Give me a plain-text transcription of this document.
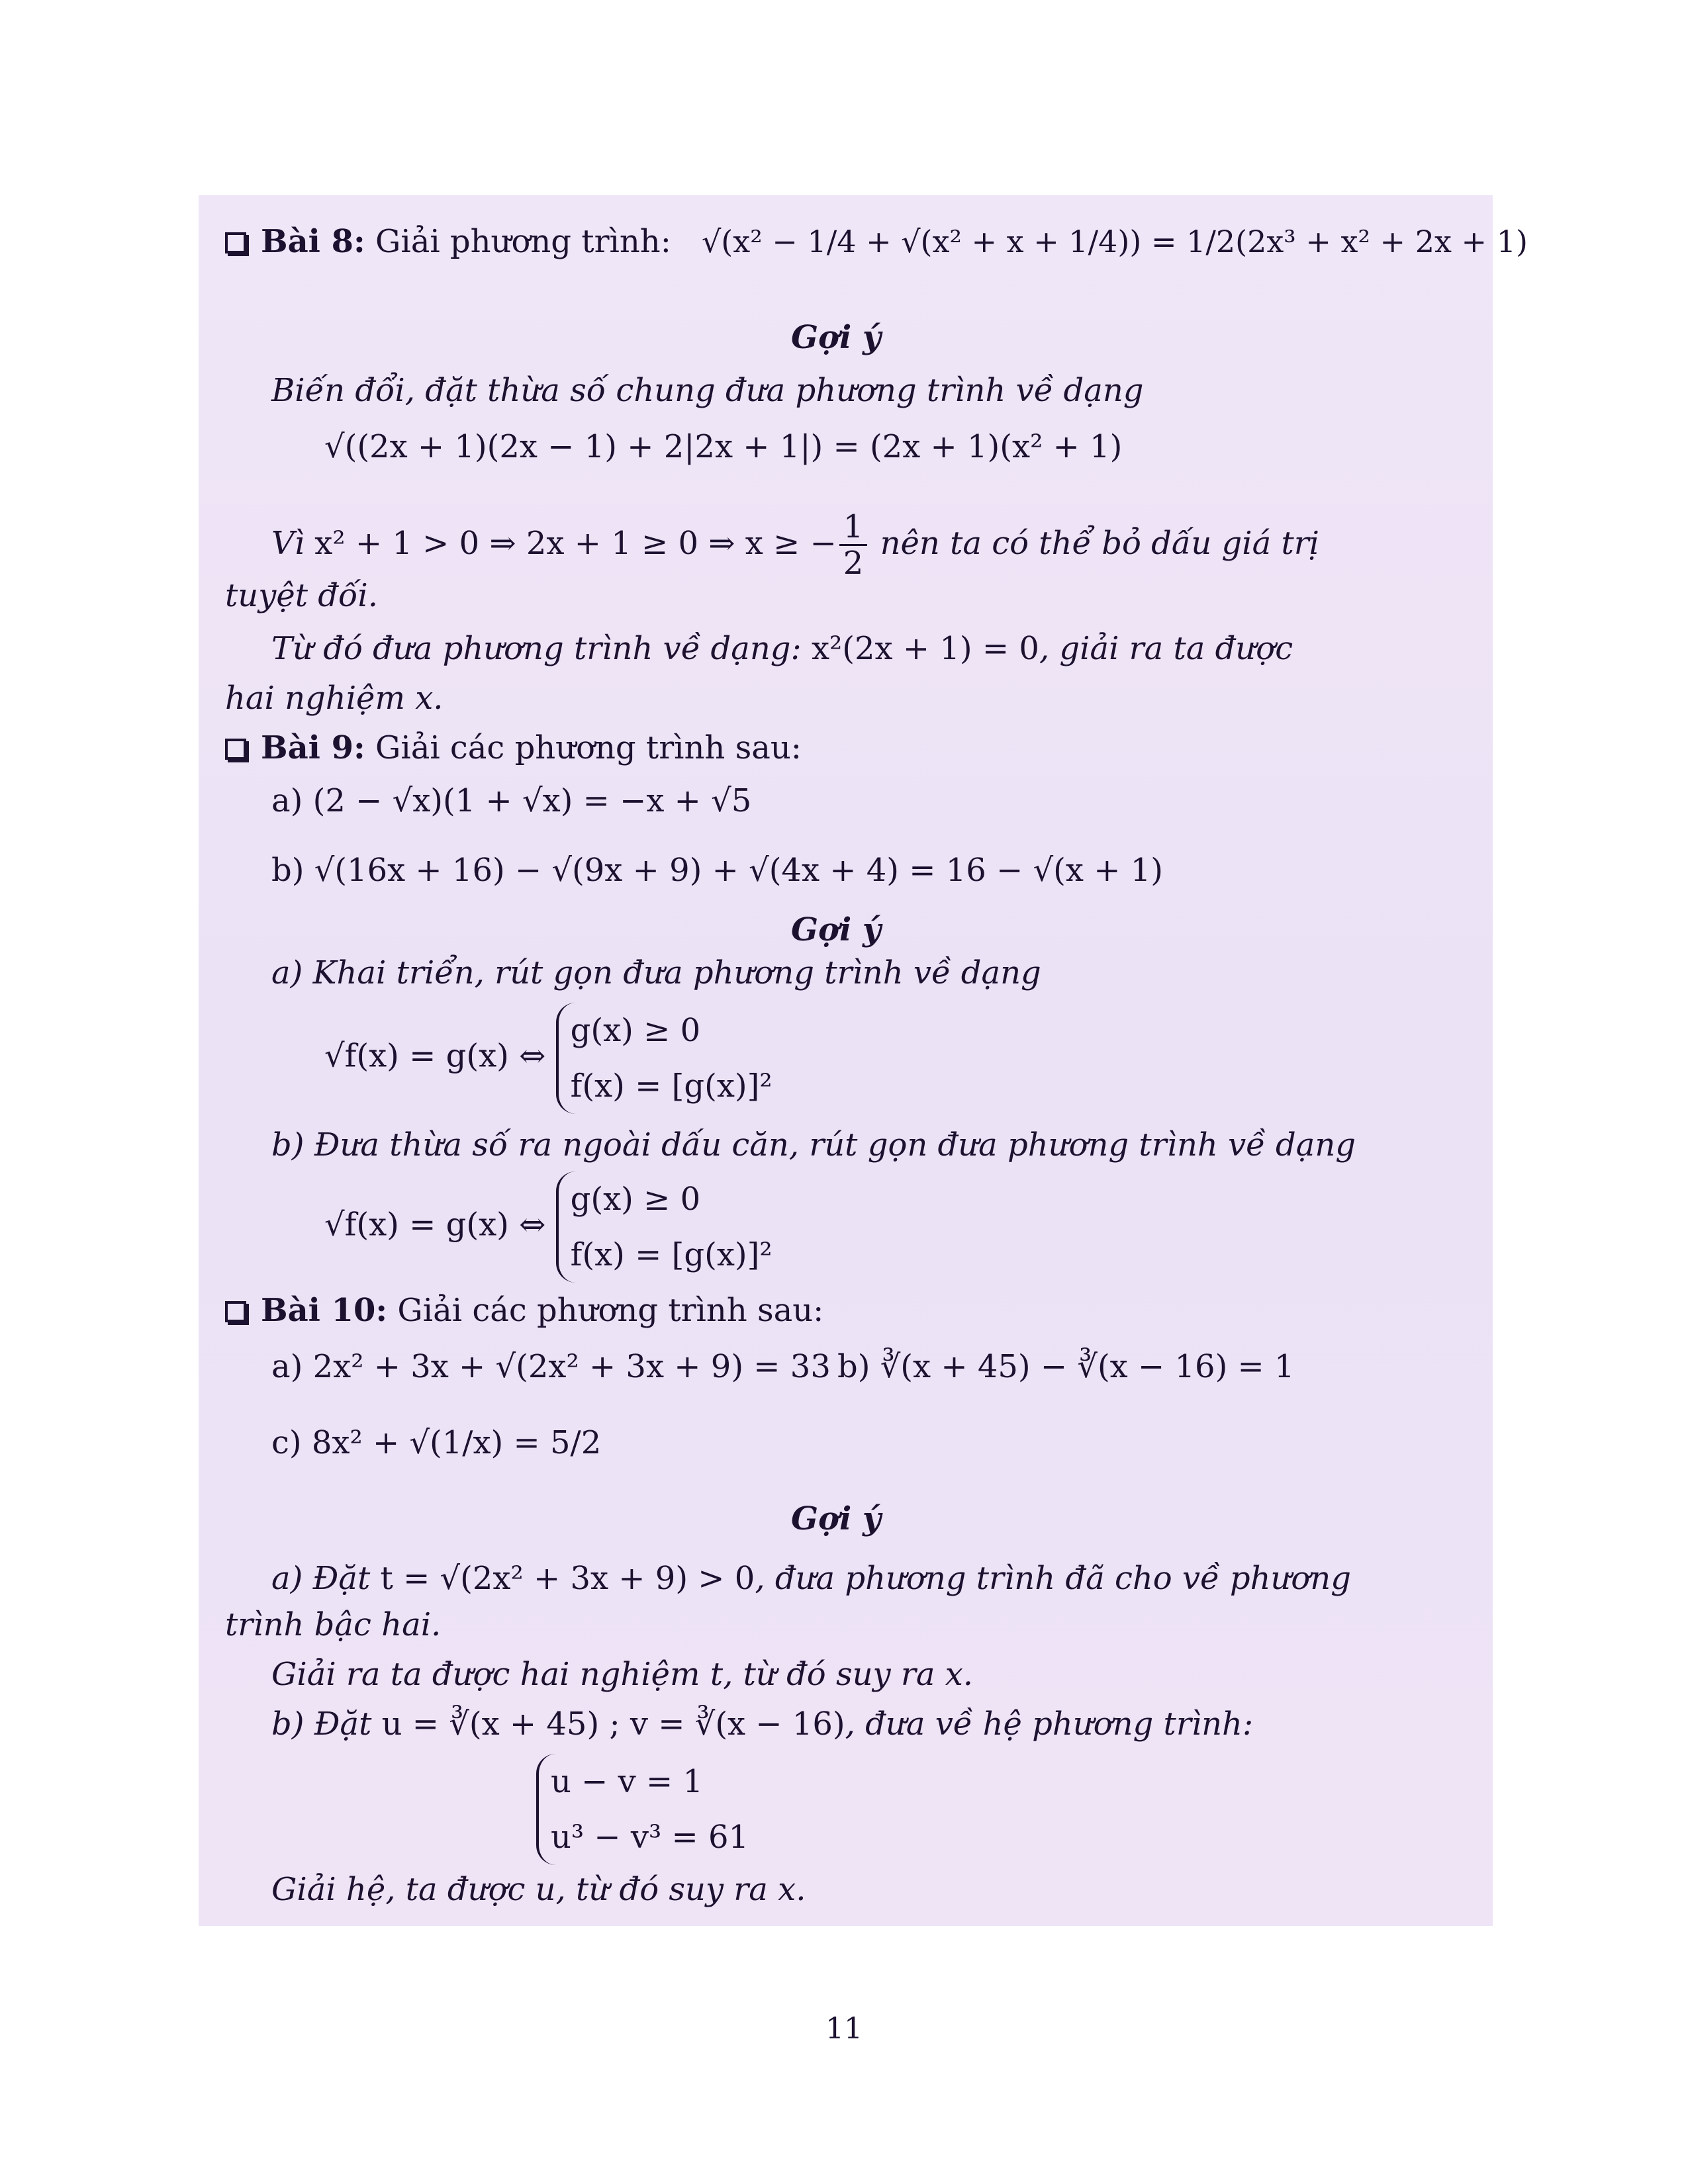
Bài 8: Giải phương trình: √(x² − 1/4 + √(x² + x + 1/4)) = 1/2(2x³ + x² + 2x + 1)
Gợi ý
Biến đổi, đặt thừa số chung đưa phương trình về dạng
√((2x + 1)(2x − 1) + 2|2x + 1|) = (2x + 1)(x² + 1)
Vì x² + 1 > 0 ⇒ 2x + 1 ≥ 0 ⇒ x ≥ − $\frac{1}{2}$ nên ta có thể bỏ dấu giá trị
tuyệt đối.
Từ đó đưa phương trình về dạng: x²(2x + 1) = 0, giải ra ta được
hai nghiệm x.
Bài 9: Giải các phương trình sau:
a) (2 − √x)(1 + √x) = −x + √5
b) √(16x + 16) − √(9x + 9) + √(4x + 4) = 16 − √(x + 1)
Gợi ý
a) Khai triển, rút gọn đưa phương trình về dạng
√f(x) = g(x) ⇔
g(x) ≥ 0
f(x) = [g(x)]²
b) Đưa thừa số ra ngoài dấu căn, rút gọn đưa phương trình về dạng
√f(x) = g(x) ⇔
g(x) ≥ 0
f(x) = [g(x)]²
Bài 10: Giải các phương trình sau:
a) 2x² + 3x + √(2x² + 3x + 9) = 33 b) ∛(x + 45) − ∛(x − 16) = 1
c) 8x² + √(1/x) = 5/2
Gợi ý
a) Đặt t = √(2x² + 3x + 9) > 0, đưa phương trình đã cho về phương
trình bậc hai.
Giải ra ta được hai nghiệm t, từ đó suy ra x.
b) Đặt u = ∛(x + 45) ; v = ∛(x − 16), đưa về hệ phương trình:
u − v = 1
u³ − v³ = 61
Giải hệ, ta được u, từ đó suy ra x.
11
